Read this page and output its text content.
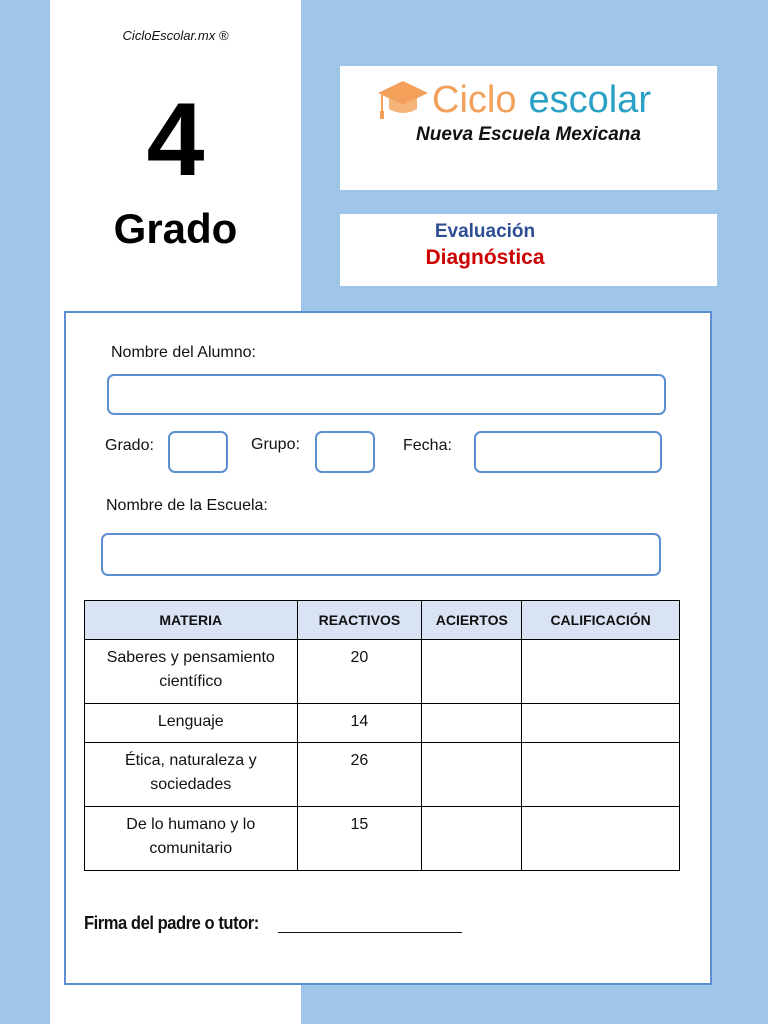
CicloEscolar.mx ®
4
Grado
Ciclo escolar
Nueva Escuela Mexicana
Evaluación
Diagnóstica
Nombre del Alumno:
Grado:	Grupo:	Fecha:
Nombre de la Escuela:
MATERIA	REACTIVOS	ACIERTOS	CALIFICACIÓN
Saberes y pensamiento científico	20		
Lenguaje	14		
Ética, naturaleza y sociedades	26		
De lo humano y lo comunitario	15		
Firma del padre o tutor:
